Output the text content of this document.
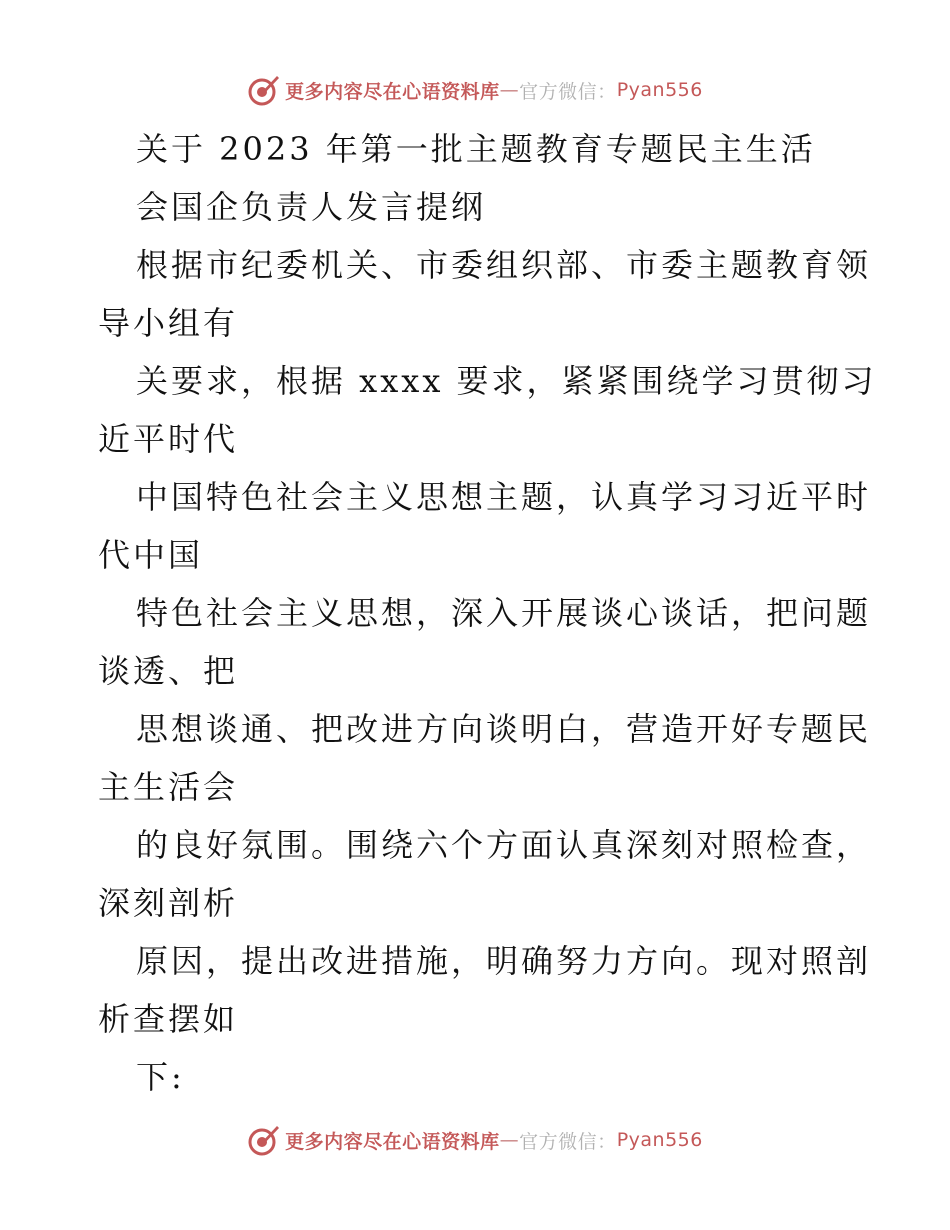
更多内容尽在心语资料库 — 官方微信： Pyan556
关于 2023 年第一批主题教育专题民主生活
会国企负责人发言提纲
根据市纪委机关、市委组织部、市委主题教育领
导小组有
关要求，根据 xxxx 要求，紧紧围绕学习贯彻习
近平时代
中国特色社会主义思想主题，认真学习习近平时
代中国
特色社会主义思想，深入开展谈心谈话，把问题
谈透、把
思想谈通、把改进方向谈明白，营造开好专题民
主生活会
的良好氛围。围绕六个方面认真深刻对照检查，
深刻剖析
原因，提出改进措施，明确努力方向。现对照剖
析查摆如
下:
更多内容尽在心语资料库 — 官方微信： Pyan556
